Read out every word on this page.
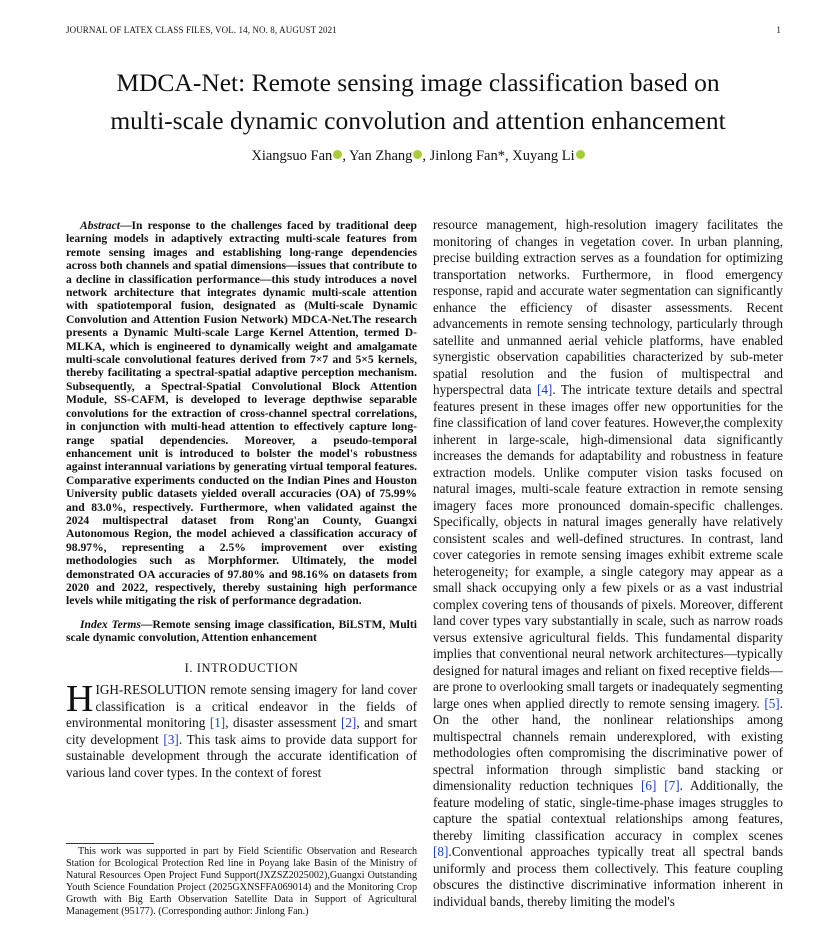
JOURNAL OF LATEX CLASS FILES, VOL. 14, NO. 8, AUGUST 2021	1
MDCA-Net: Remote sensing image classification based on
multi-scale dynamic convolution and attention enhancement
Xiangsuo Fan , Yan Zhang , Jinlong Fan*, Xuyang Li

Abstract—In response to the challenges faced by traditional deep learning models in adaptively extracting multi-scale features from remote sensing images and establishing long-range dependencies across both channels and spatial dimensions—issues that contribute to a decline in classification performance—this study introduces a novel network architecture that integrates dynamic multi-scale attention with spatiotemporal fusion, designated as (Multi-scale Dynamic Convolution and Attention Fusion Network) MDCA-Net.The research presents a Dynamic Multi-scale Large Kernel Attention, termed D-MLKA, which is engineered to dynamically weight and amalgamate multi-scale convolutional features derived from 7×7 and 5×5 kernels, thereby facilitating a spectral-spatial adaptive perception mechanism. Subsequently, a Spectral-Spatial Convolutional Block Attention Module, SS-CAFM, is developed to leverage depthwise separable convolutions for the extraction of cross-channel spectral correlations, in conjunction with multi-head attention to effectively capture long-range spatial dependencies. Moreover, a pseudo-temporal enhancement unit is introduced to bolster the model's robustness against interannual variations by generating virtual temporal features. Comparative experiments conducted on the Indian Pines and Houston University public datasets yielded overall accuracies (OA) of 75.99% and 83.0%, respectively. Furthermore, when validated against the 2024 multispectral dataset from Rong'an County, Guangxi Autonomous Region, the model achieved a classification accuracy of 98.97%, representing a 2.5% improvement over existing methodologies such as Morphformer. Ultimately, the model demonstrated OA accuracies of 97.80% and 98.16% on datasets from 2020 and 2022, respectively, thereby sustaining high performance levels while mitigating the risk of performance degradation.

Index Terms—Remote sensing image classification, BiLSTM, Multi scale dynamic convolution, Attention enhancement

I. INTRODUCTION

HIGH-RESOLUTION remote sensing imagery for land cover classification is a critical endeavor in the fields of environmental monitoring [1], disaster assessment [2], and smart city development [3]. This task aims to provide data support for sustainable development through the accurate identification of various land cover types. In the context of forest

This work was supported in part by Field Scientific Observation and Research Station for Bcological Protection Red line in Poyang lake Basin of the Ministry of Natural Resources Open Project Fund Support(JXZSZ2025002),Guangxi Outstanding Youth Science Foundation Project (2025GXNSFFA069014) and the Monitoring Crop Growth with Big Earth Observation Satellite Data in Support of Agricultural Management (95177). (Corresponding author: Jinlong Fan.)

resource management, high-resolution imagery facilitates the monitoring of changes in vegetation cover. In urban planning, precise building extraction serves as a foundation for optimizing transportation networks. Furthermore, in flood emergency response, rapid and accurate water segmentation can significantly enhance the efficiency of disaster assessments. Recent advancements in remote sensing technology, particularly through satellite and unmanned aerial vehicle platforms, have enabled synergistic observation capabilities characterized by sub-meter spatial resolution and the fusion of multispectral and hyperspectral data [4]. The intricate texture details and spectral features present in these images offer new opportunities for the fine classification of land cover features. However,the complexity inherent in large-scale, high-dimensional data significantly increases the demands for adaptability and robustness in feature extraction models. Unlike computer vision tasks focused on natural images, multi-scale feature extraction in remote sensing imagery faces more pronounced domain-specific challenges. Specifically, objects in natural images generally have relatively consistent scales and well-defined structures. In contrast, land cover categories in remote sensing images exhibit extreme scale heterogeneity; for example, a single category may appear as a small shack occupying only a few pixels or as a vast industrial complex covering tens of thousands of pixels. Moreover, different land cover types vary substantially in scale, such as narrow roads versus extensive agricultural fields. This fundamental disparity implies that conventional neural network architectures—typically designed for natural images and reliant on fixed receptive fields—are prone to overlooking small targets or inadequately segmenting large ones when applied directly to remote sensing imagery. [5]. On the other hand, the nonlinear relationships among multispectral channels remain underexplored, with existing methodologies often compromising the discriminative power of spectral information through simplistic band stacking or dimensionality reduction techniques [6] [7]. Additionally, the feature modeling of static, single-time-phase images struggles to capture the spatial contextual relationships among features, thereby limiting classification accuracy in complex scenes [8].Conventional approaches typically treat all spectral bands uniformly and process them collectively. This feature coupling obscures the distinctive discriminative information inherent in individual bands, thereby limiting the model's
